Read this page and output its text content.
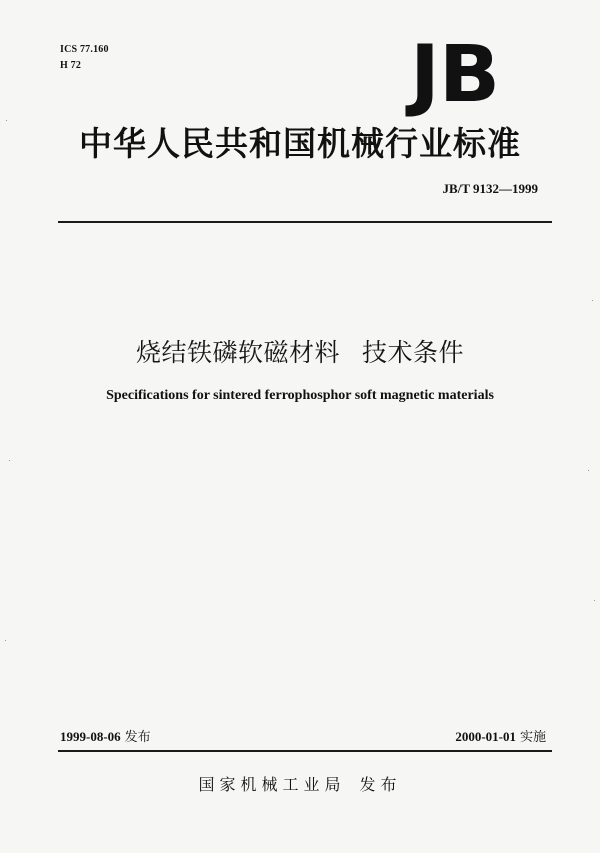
ICS 77.160
H 72	JB
中华人民共和国机械行业标准
JB/T 9132—1999
烧结铁磷软磁材料 技术条件
Specifications for sintered ferrophosphor soft magnetic materials
1999-08-06 发布	2000-01-01 实施
国家机械工业局 发布
